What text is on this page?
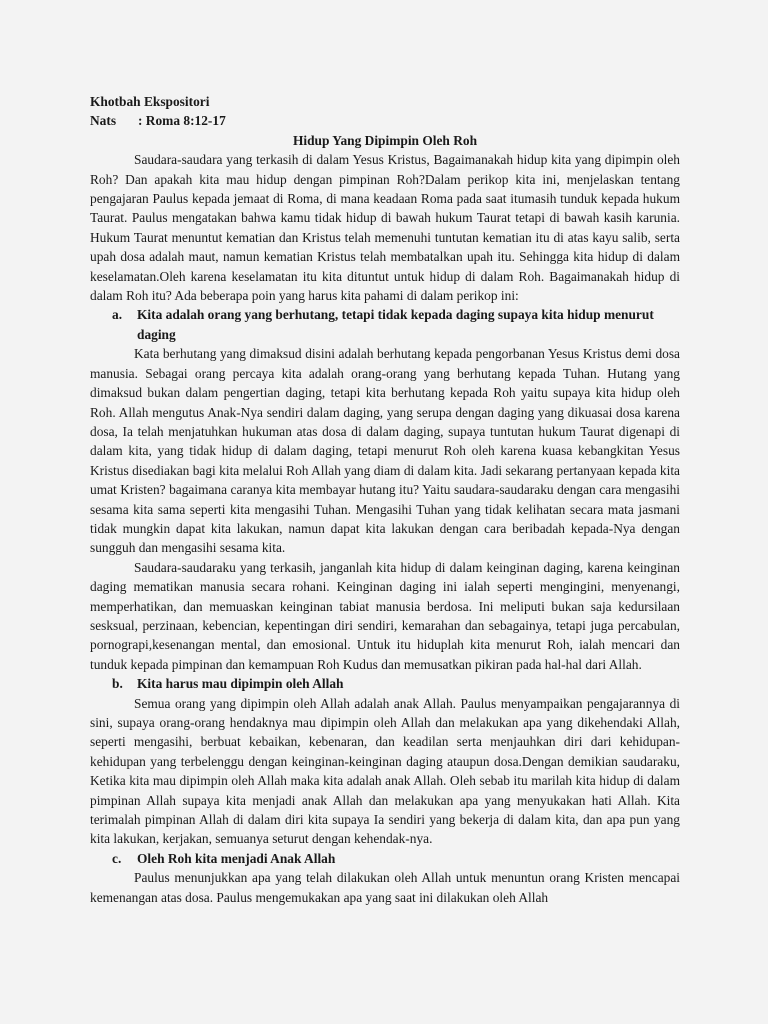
Khotbah Ekspositori
Nats : Roma 8:12-17
Hidup Yang Dipimpin Oleh Roh

Saudara-saudara yang terkasih di dalam Yesus Kristus, Bagaimanakah hidup kita yang dipimpin oleh Roh? Dan apakah kita mau hidup dengan pimpinan Roh?Dalam perikop kita ini, menjelaskan tentang pengajaran Paulus kepada jemaat di Roma, di mana keadaan Roma pada saat itumasih tunduk kepada hukum Taurat. Paulus mengatakan bahwa kamu tidak hidup di bawah hukum Taurat tetapi di bawah kasih karunia. Hukum Taurat menuntut kematian dan Kristus telah memenuhi tuntutan kematian itu di atas kayu salib, serta upah dosa adalah maut, namun kematian Kristus telah membatalkan upah itu. Sehingga kita hidup di dalam keselamatan.Oleh karena keselamatan itu kita dituntut untuk hidup di dalam Roh. Bagaimanakah hidup di dalam Roh itu? Ada beberapa poin yang harus kita pahami di dalam perikop ini:

a.	Kita adalah orang yang berhutang, tetapi tidak kepada daging supaya kita hidup menurut daging

Kata berhutang yang dimaksud disini adalah berhutang kepada pengorbanan Yesus Kristus demi dosa manusia. Sebagai orang percaya kita adalah orang-orang yang berhutang kepada Tuhan. Hutang yang dimaksud bukan dalam pengertian daging, tetapi kita berhutang kepada Roh yaitu supaya kita hidup oleh Roh. Allah mengutus Anak-Nya sendiri dalam daging, yang serupa dengan daging yang dikuasai dosa karena dosa, Ia telah menjatuhkan hukuman atas dosa di dalam daging, supaya tuntutan hukum Taurat digenapi di dalam kita, yang tidak hidup di dalam daging, tetapi menurut Roh oleh karena kuasa kebangkitan Yesus Kristus disediakan bagi kita melalui Roh Allah yang diam di dalam kita. Jadi sekarang pertanyaan kepada kita umat Kristen? bagaimana caranya kita membayar hutang itu? Yaitu saudara-saudaraku dengan cara mengasihi sesama kita sama seperti kita mengasihi Tuhan. Mengasihi Tuhan yang tidak kelihatan secara mata jasmani tidak mungkin dapat kita lakukan, namun dapat kita lakukan dengan cara beribadah kepada-Nya dengan sungguh dan mengasihi sesama kita.

Saudara-saudaraku yang terkasih, janganlah kita hidup di dalam keinginan daging, karena keinginan daging mematikan manusia secara rohani. Keinginan daging ini ialah seperti mengingini, menyenangi, memperhatikan, dan memuaskan keinginan tabiat manusia berdosa. Ini meliputi bukan saja kedursilaan sesksual, perzinaan, kebencian, kepentingan diri sendiri, kemarahan dan sebagainya, tetapi juga percabulan, pornograpi,kesenangan mental, dan emosional. Untuk itu hiduplah kita menurut Roh, ialah mencari dan tunduk kepada pimpinan dan kemampuan Roh Kudus dan memusatkan pikiran pada hal-hal dari Allah.

b.	Kita harus mau dipimpin oleh Allah

Semua orang yang dipimpin oleh Allah adalah anak Allah. Paulus menyampaikan pengajarannya di sini, supaya orang-orang hendaknya mau dipimpin oleh Allah dan melakukan apa yang dikehendaki Allah, seperti mengasihi, berbuat kebaikan, kebenaran, dan keadilan serta menjauhkan diri dari kehidupan-kehidupan yang terbelenggu dengan keinginan-keinginan daging ataupun dosa.Dengan demikian saudaraku, Ketika kita mau dipimpin oleh Allah maka kita adalah anak Allah. Oleh sebab itu marilah kita hidup di dalam pimpinan Allah supaya kita menjadi anak Allah dan melakukan apa yang menyukakan hati Allah. Kita terimalah pimpinan Allah di dalam diri kita supaya Ia sendiri yang bekerja di dalam kita, dan apa pun yang kita lakukan, kerjakan, semuanya seturut dengan kehendak-nya.

c.	Oleh Roh kita menjadi Anak Allah

Paulus menunjukkan apa yang telah dilakukan oleh Allah untuk menuntun orang Kristen mencapai kemenangan atas dosa. Paulus mengemukakan apa yang saat ini dilakukan oleh Allah
